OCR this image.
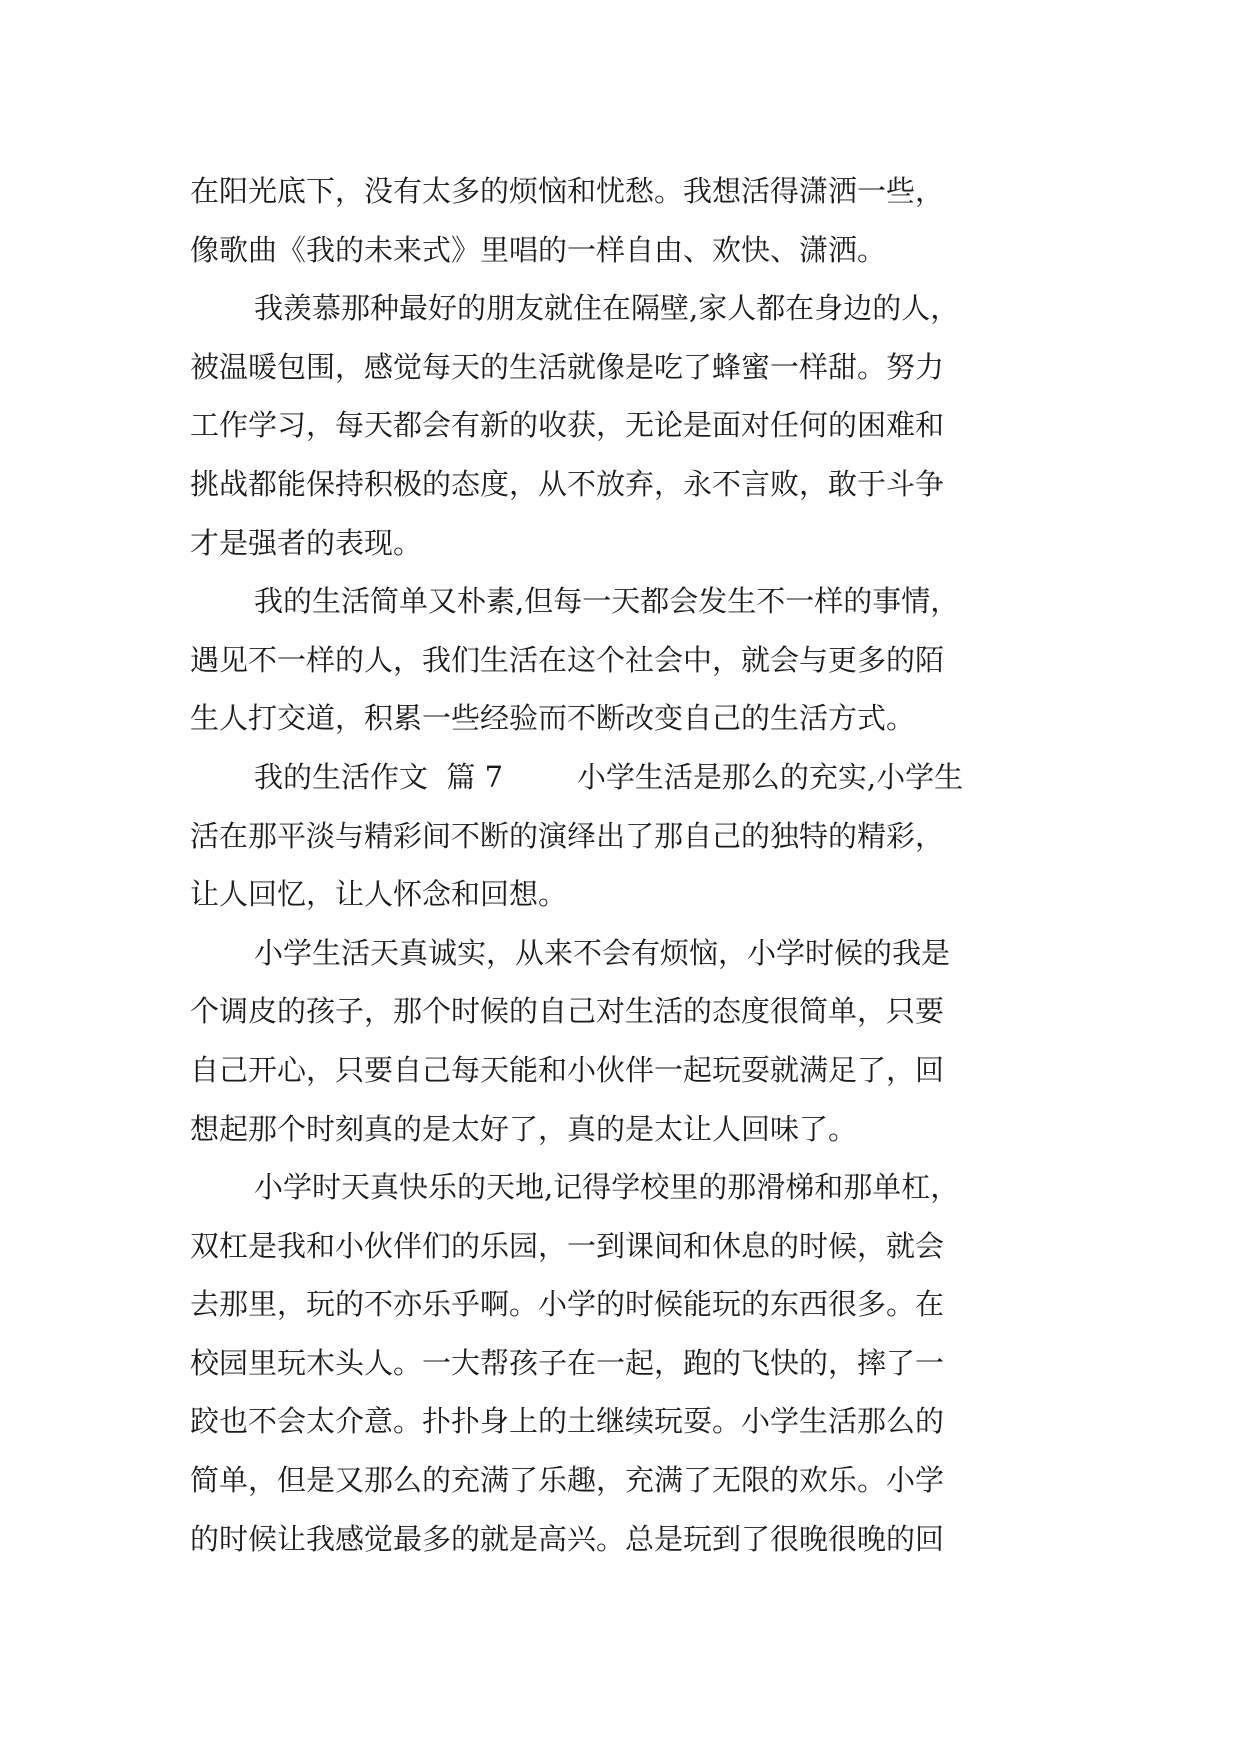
在阳光底下，没有太多的烦恼和忧愁。我想活得潇洒一些，
像歌曲《我的未来式》里唱的一样自由、欢快、潇洒。
我羡慕那种最好的朋友就住在隔壁,家人都在身边的人，
被温暖包围，感觉每天的生活就像是吃了蜂蜜一样甜。努力
工作学习，每天都会有新的收获，无论是面对任何的困难和
挑战都能保持积极的态度，从不放弃，永不言败，敢于斗争
才是强者的表现。
我的生活简单又朴素,但每一天都会发生不一样的事情，
遇见不一样的人，我们生活在这个社会中，就会与更多的陌
生人打交道，积累一些经验而不断改变自己的生活方式。
我的生活作文  篇 7        小学生活是那么的充实,小学生
活在那平淡与精彩间不断的演绎出了那自己的独特的精彩，
让人回忆，让人怀念和回想。
小学生活天真诚实，从来不会有烦恼，小学时候的我是
个调皮的孩子，那个时候的自己对生活的态度很简单，只要
自己开心，只要自己每天能和小伙伴一起玩耍就满足了，回
想起那个时刻真的是太好了，真的是太让人回味了。
小学时天真快乐的天地,记得学校里的那滑梯和那单杠，
双杠是我和小伙伴们的乐园，一到课间和休息的时候，就会
去那里，玩的不亦乐乎啊。小学的时候能玩的东西很多。在
校园里玩木头人。一大帮孩子在一起，跑的飞快的，摔了一
跤也不会太介意。扑扑身上的土继续玩耍。小学生活那么的
简单，但是又那么的充满了乐趣，充满了无限的欢乐。小学
的时候让我感觉最多的就是高兴。总是玩到了很晚很晚的回
